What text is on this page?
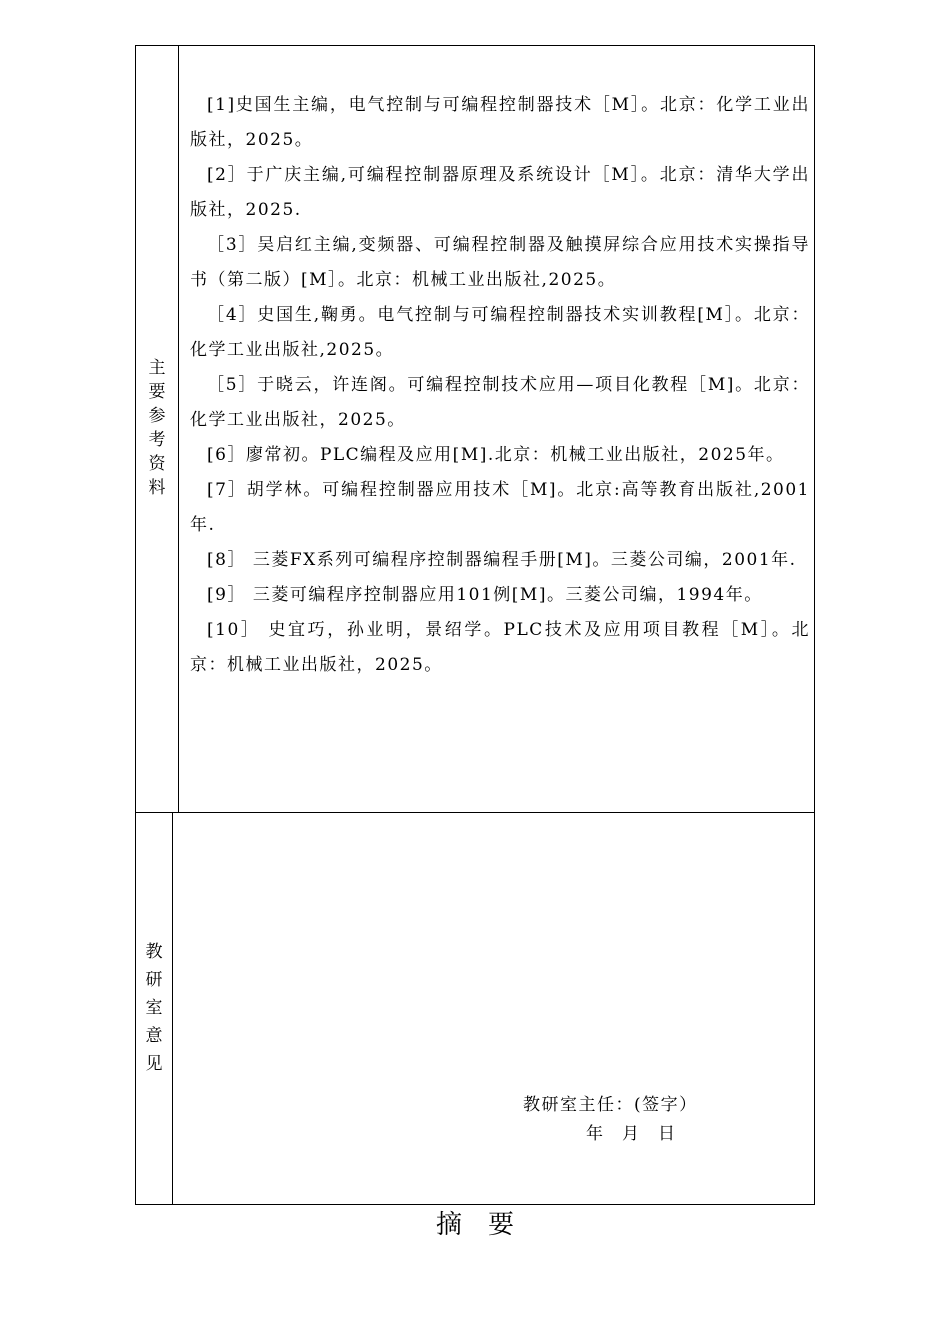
主
要
参
考
资
料

[1]史国生主编，电气控制与可编程控制器技术［M］。北京：化学工业出版社，2025。

[2］于广庆主编,可编程控制器原理及系统设计［M］。北京：清华大学出版社，2025.

［3］吴启红主编,变频器、可编程控制器及触摸屏综合应用技术实操指导书（第二版）[M］。北京：机械工业出版社,2025。

［4］史国生,鞠勇。电气控制与可编程控制器技术实训教程[M］。北京：化学工业出版社,2025。

［5］于晓云，许连阁。可编程控制技术应用—项目化教程［M]。北京：化学工业出版社，2025。

[6］廖常初。PLC编程及应用[M].北京：机械工业出版社，2025年。

[7］胡学林。可编程控制器应用技术［M]。北京:高等教育出版社,2001年.

[8］ 三菱FX系列可编程序控制器编程手册[M]。三菱公司编，2001年.

[9］ 三菱可编程序控制器应用101例[M]。三菱公司编，1994年。

[10］ 史宜巧，孙业明，景绍学。PLC技术及应用项目教程［M］。北京：机械工业出版社，2025。

教
研
室
意
见
教研室主任：(签字）
年　月　日
摘要
